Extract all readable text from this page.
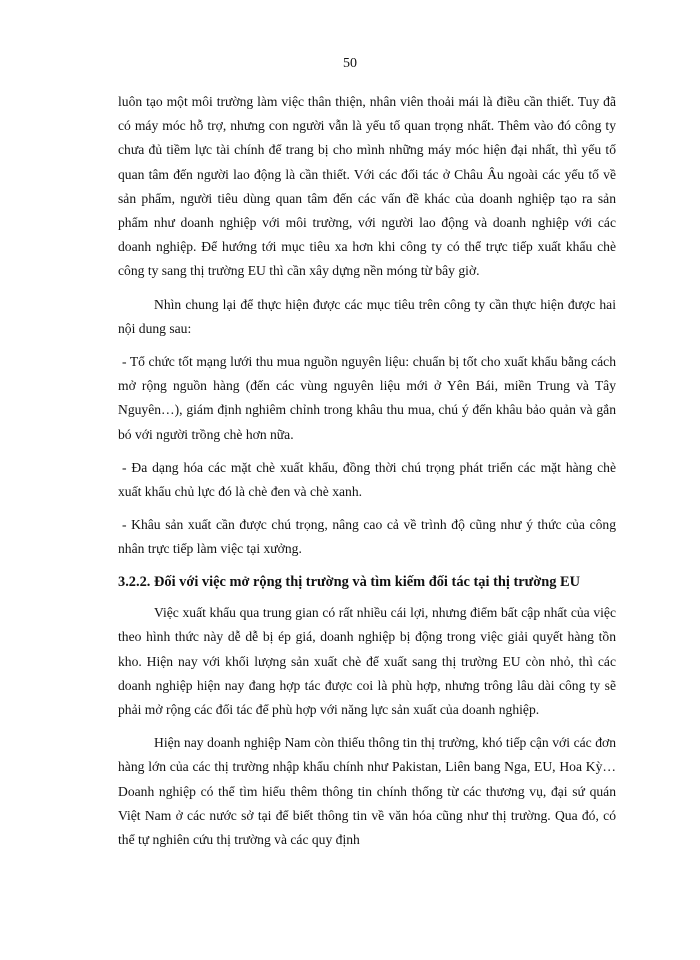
50

luôn tạo một môi trường làm việc thân thiện, nhân viên thoải mái là điều cần thiết. Tuy đã có máy móc hỗ trợ, nhưng con người vẫn là yếu tố quan trọng nhất. Thêm vào đó công ty chưa đủ tiềm lực tài chính để trang bị cho mình những máy móc hiện đại nhất, thì yếu tố quan tâm đến người lao động là cần thiết. Với các đối tác ở Châu Âu ngoài các yếu tố về sản phẩm, người tiêu dùng quan tâm đến các vấn đề khác của doanh nghiệp tạo ra sản phẩm như doanh nghiệp với môi trường, với người lao động và doanh nghiệp với các doanh nghiệp. Để hướng tới mục tiêu xa hơn khi công ty có thể trực tiếp xuất khẩu chè công ty sang thị trường EU thì cần xây dựng nền móng từ bây giờ.

Nhìn chung lại để thực hiện được các mục tiêu trên công ty cần thực hiện được hai nội dung sau:

- Tổ chức tốt mạng lưới thu mua nguồn nguyên liệu: chuẩn bị tốt cho xuất khẩu bằng cách mở rộng nguồn hàng (đến các vùng nguyên liệu mới ở Yên Bái, miền Trung và Tây Nguyên…), giám định nghiêm chỉnh trong khâu thu mua, chú ý đến khâu bảo quản và gắn bó với người trồng chè hơn nữa.

- Đa dạng hóa các mặt chè xuất khẩu, đồng thời chú trọng phát triển các mặt hàng chè xuất khẩu chủ lực đó là chè đen và chè xanh.

- Khâu sản xuất cần được chú trọng, nâng cao cả về trình độ cũng như ý thức của công nhân trực tiếp làm việc tại xưởng.

3.2.2. Đối với việc mở rộng thị trường và tìm kiếm đối tác tại thị trường EU

Việc xuất khẩu qua trung gian có rất nhiều cái lợi, nhưng điểm bất cập nhất của việc theo hình thức này dễ dễ bị ép giá, doanh nghiệp bị động trong việc giải quyết hàng tồn kho. Hiện nay với khối lượng sản xuất chè để xuất sang thị trường EU còn nhỏ, thì các doanh nghiệp hiện nay đang hợp tác được coi là phù hợp, nhưng trông lâu dài công ty sẽ phải mở rộng các đối tác để phù hợp với năng lực sản xuất của doanh nghiệp.

Hiện nay doanh nghiệp Nam còn thiếu thông tin thị trường, khó tiếp cận với các đơn hàng lớn của các thị trường nhập khẩu chính như Pakistan, Liên bang Nga, EU, Hoa Kỳ…Doanh nghiệp có thể tìm hiểu thêm thông tin chính thống từ các thương vụ, đại sứ quán Việt Nam ở các nước sở tại để biết thông tin về văn hóa cũng như thị trường. Qua đó, có thể tự nghiên cứu thị trường và các quy định
